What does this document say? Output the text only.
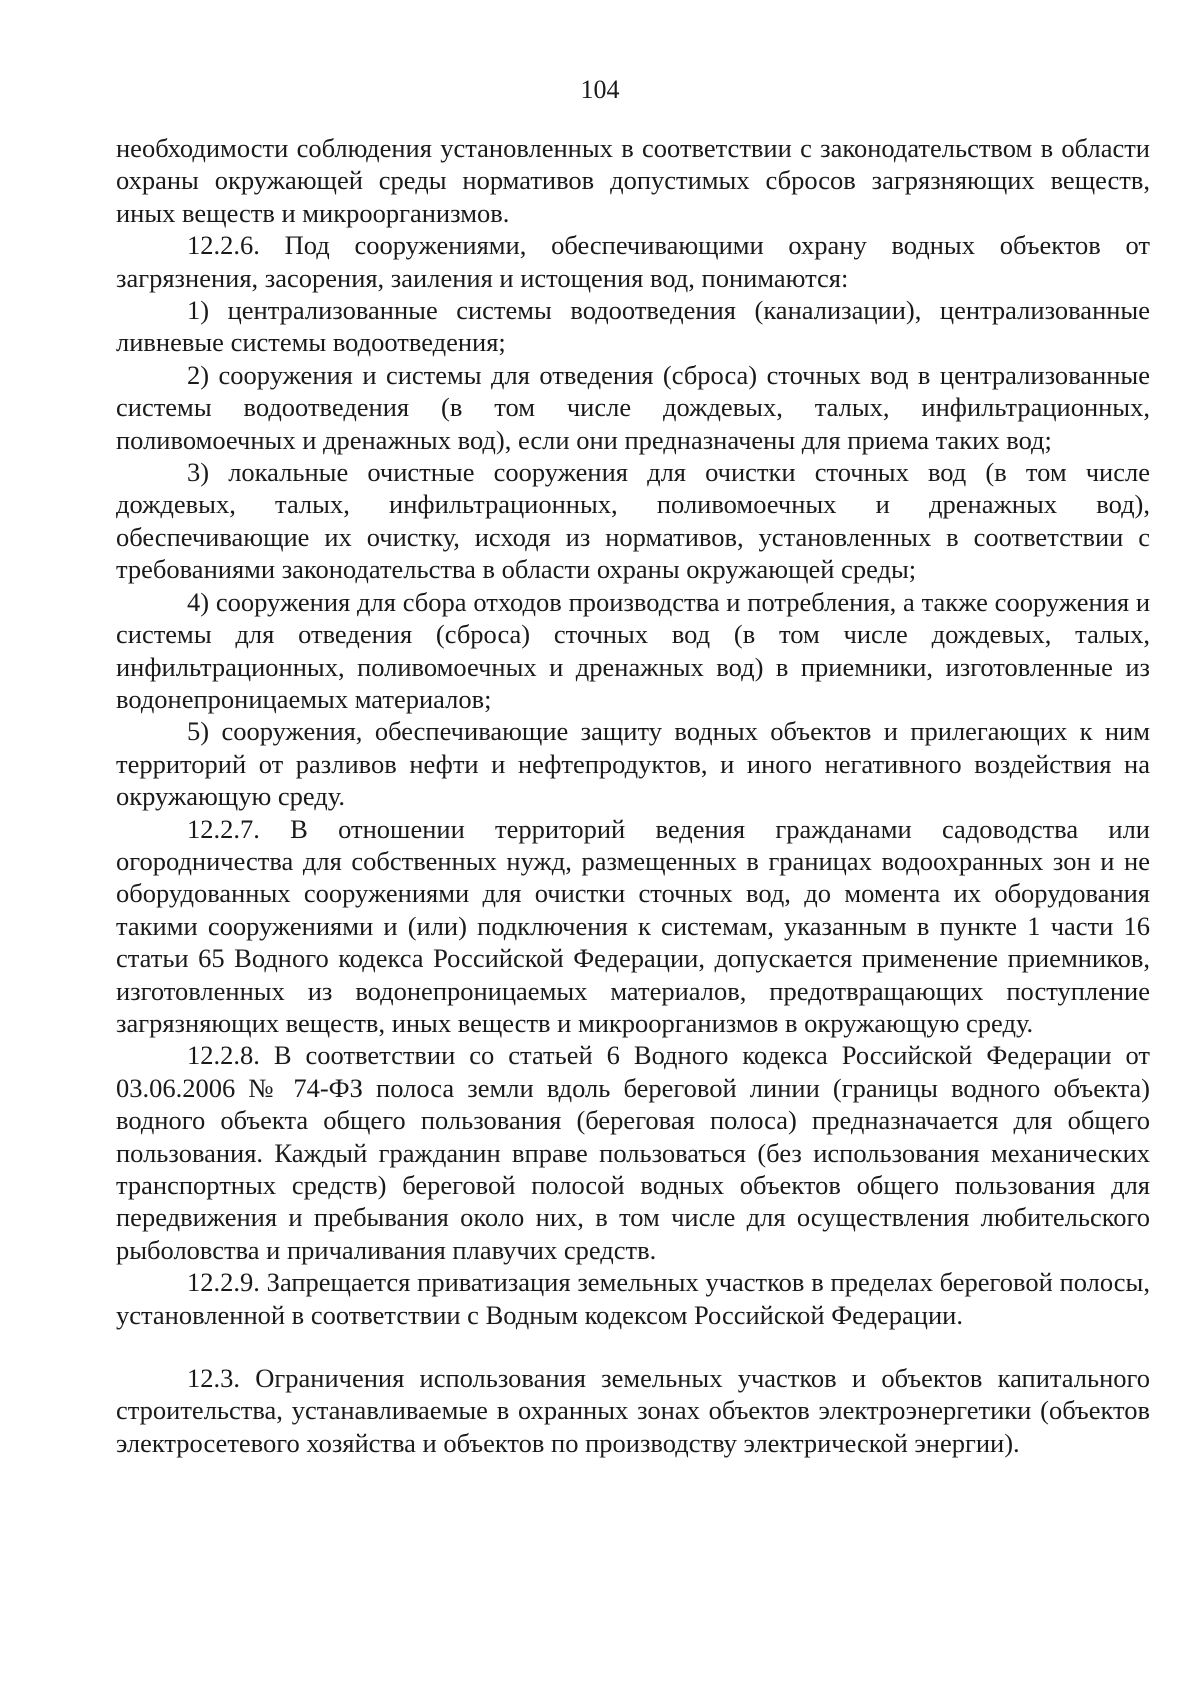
104

необходимости соблюдения установленных в соответствии с законодательством в области охраны окружающей среды нормативов допустимых сбросов загрязняющих веществ, иных веществ и микроорганизмов.

12.2.6. Под сооружениями, обеспечивающими охрану водных объектов от загрязнения, засорения, заиления и истощения вод, понимаются:

1) централизованные системы водоотведения (канализации), централизованные ливневые системы водоотведения;

2) сооружения и системы для отведения (сброса) сточных вод в централизованные системы водоотведения (в том числе дождевых, талых, инфильтрационных, поливомоечных и дренажных вод), если они предназначены для приема таких вод;

3) локальные очистные сооружения для очистки сточных вод (в том числе дождевых, талых, инфильтрационных, поливомоечных и дренажных вод), обеспечивающие их очистку, исходя из нормативов, установленных в соответствии с требованиями законодательства в области охраны окружающей среды;

4) сооружения для сбора отходов производства и потребления, а также сооружения и системы для отведения (сброса) сточных вод (в том числе дождевых, талых, инфильтрационных, поливомоечных и дренажных вод) в приемники, изготовленные из водонепроницаемых материалов;

5) сооружения, обеспечивающие защиту водных объектов и прилегающих к ним территорий от разливов нефти и нефтепродуктов, и иного негативного воздействия на окружающую среду.

12.2.7. В отношении территорий ведения гражданами садоводства или огородничества для собственных нужд, размещенных в границах водоохранных зон и не оборудованных сооружениями для очистки сточных вод, до момента их оборудования такими сооружениями и (или) подключения к системам, указанным в пункте 1 части 16 статьи 65 Водного кодекса Российской Федерации, допускается применение приемников, изготовленных из водонепроницаемых материалов, предотвращающих поступление загрязняющих веществ, иных веществ и микроорганизмов в окружающую среду.

12.2.8. В соответствии со статьей 6 Водного кодекса Российской Федерации от 03.06.2006 № 74-ФЗ полоса земли вдоль береговой линии (границы водного объекта) водного объекта общего пользования (береговая полоса) предназначается для общего пользования. Каждый гражданин вправе пользоваться (без использования механических транспортных средств) береговой полосой водных объектов общего пользования для передвижения и пребывания около них, в том числе для осуществления любительского рыболовства и причаливания плавучих средств.

12.2.9. Запрещается приватизация земельных участков в пределах береговой полосы, установленной в соответствии с Водным кодексом Российской Федерации.

12.3. Ограничения использования земельных участков и объектов капитального строительства, устанавливаемые в охранных зонах объектов электроэнергетики (объектов электросетевого хозяйства и объектов по производству электрической энергии).
